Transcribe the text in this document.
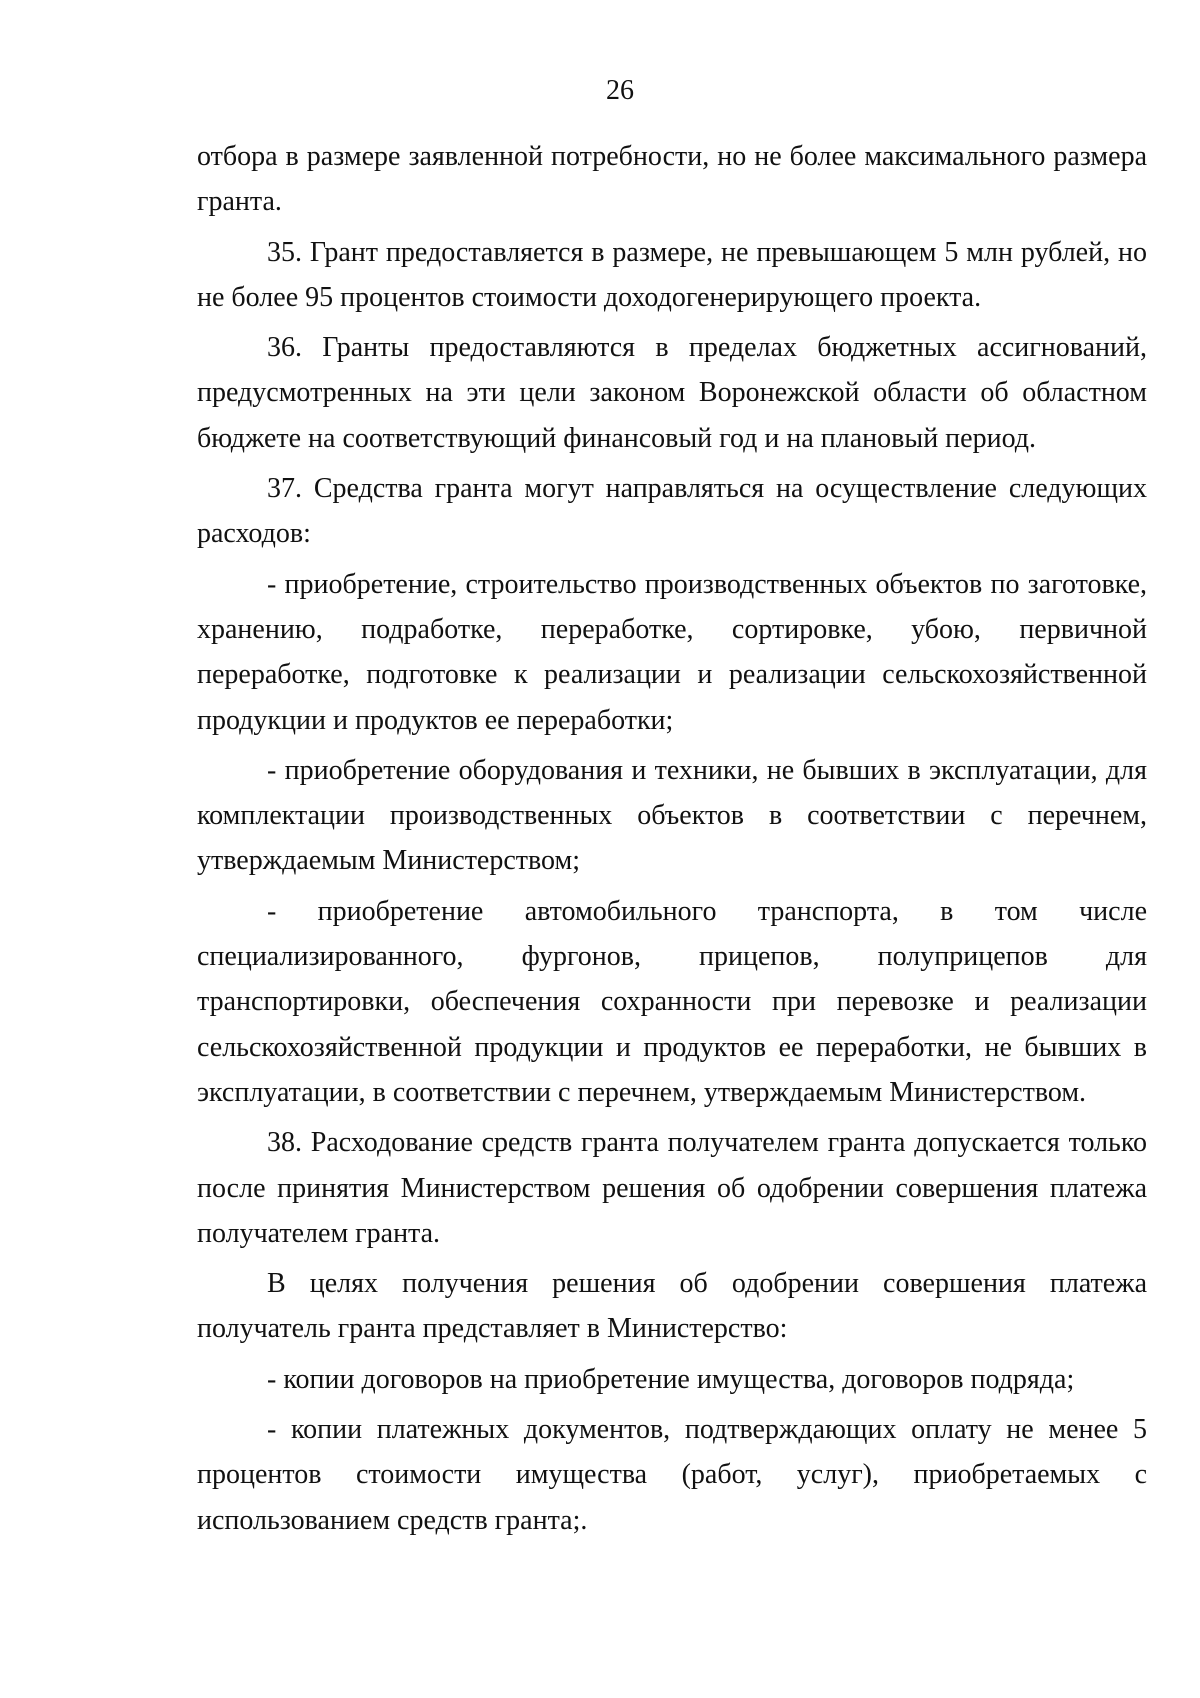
26

отбора в размере заявленной потребности, но не более максимального размера гранта.

35. Грант предоставляется в размере, не превышающем 5 млн рублей, но не более 95 процентов стоимости доходогенерирующего проекта.

36. Гранты предоставляются в пределах бюджетных ассигнований, предусмотренных на эти цели законом Воронежской области об областном бюджете на соответствующий финансовый год и на плановый период.

37. Средства гранта могут направляться на осуществление следующих расходов:

- приобретение, строительство производственных объектов по заготовке, хранению, подработке, переработке, сортировке, убою, первичной переработке, подготовке к реализации и реализации сельскохозяйственной продукции и продуктов ее переработки;

- приобретение оборудования и техники, не бывших в эксплуатации, для комплектации производственных объектов в соответствии с перечнем, утверждаемым Министерством;

- приобретение автомобильного транспорта, в том числе специализированного, фургонов, прицепов, полуприцепов для транспортировки, обеспечения сохранности при перевозке и реализации сельскохозяйственной продукции и продуктов ее переработки, не бывших в эксплуатации, в соответствии с перечнем, утверждаемым Министерством.

38. Расходование средств гранта получателем гранта допускается только после принятия Министерством решения об одобрении совершения платежа получателем гранта.

В целях получения решения об одобрении совершения платежа получатель гранта представляет в Министерство:

- копии договоров на приобретение имущества, договоров подряда;

- копии платежных документов, подтверждающих оплату не менее 5 процентов стоимости имущества (работ, услуг), приобретаемых с использованием средств гранта;.
